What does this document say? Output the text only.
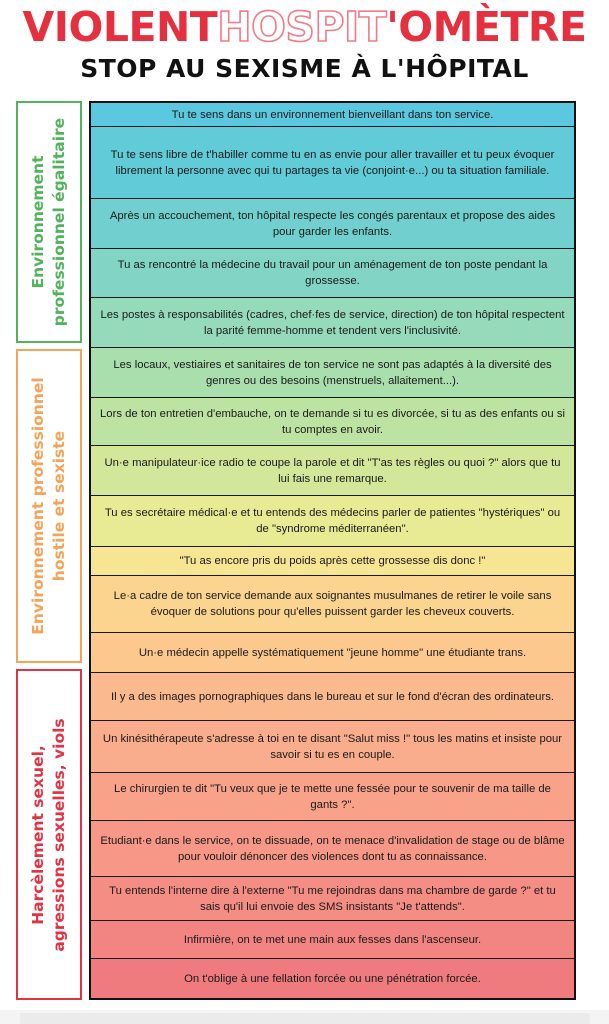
VIOLENTHOSPIT'OMÈTRE
STOP AU SEXISME À L'HÔPITAL
Environnement professionnel égalitaire
Environnement professionnel hostile et sexiste
Harcèlement sexuel, agressions sexuelles, viols
Tu te sens dans un environnement bienveillant dans ton service.
Tu te sens libre de t'habiller comme tu en as envie pour aller travailler et tu peux évoquer librement la personne avec qui tu partages ta vie (conjoint·e...) ou ta situation familiale.
Après un accouchement, ton hôpital respecte les congés parentaux et propose des aides pour garder les enfants.
Tu as rencontré la médecine du travail pour un aménagement de ton poste pendant la grossesse.
Les postes à responsabilités (cadres, chef·fes de service, direction) de ton hôpital respectent la parité femme-homme et tendent vers l'inclusivité.
Les locaux, vestiaires et sanitaires de ton service ne sont pas adaptés à la diversité des genres ou des besoins (menstruels, allaitement...).
Lors de ton entretien d'embauche, on te demande si tu es divorcée, si tu as des enfants ou si tu comptes en avoir.
Un·e manipulateur·ice radio te coupe la parole et dit "T'as tes règles ou quoi ?" alors que tu lui fais une remarque.
Tu es secrétaire médical·e et tu entends des médecins parler de patientes "hystériques" ou de "syndrome méditerranéen".
"Tu as encore pris du poids après cette grossesse dis donc !"
Le·a cadre de ton service demande aux soignantes musulmanes de retirer le voile sans évoquer de solutions pour qu'elles puissent garder les cheveux couverts.
Un·e médecin appelle systématiquement "jeune homme" une étudiante trans.
Il y a des images pornographiques dans le bureau et sur le fond d'écran des ordinateurs.
Un kinésithérapeute s'adresse à toi en te disant "Salut miss !" tous les matins et insiste pour savoir si tu es en couple.
Le chirurgien te dit "Tu veux que je te mette une fessée pour te souvenir de ma taille de gants ?".
Etudiant·e dans le service, on te dissuade, on te menace d'invalidation de stage ou de blâme pour vouloir dénoncer des violences dont tu as connaissance.
Tu entends l'interne dire à l'externe "Tu me rejoindras dans ma chambre de garde ?" et tu sais qu'il lui envoie des SMS insistants "Je t'attends".
Infirmière, on te met une main aux fesses dans l'ascenseur.
On t'oblige à une fellation forcée ou une pénétration forcée.
